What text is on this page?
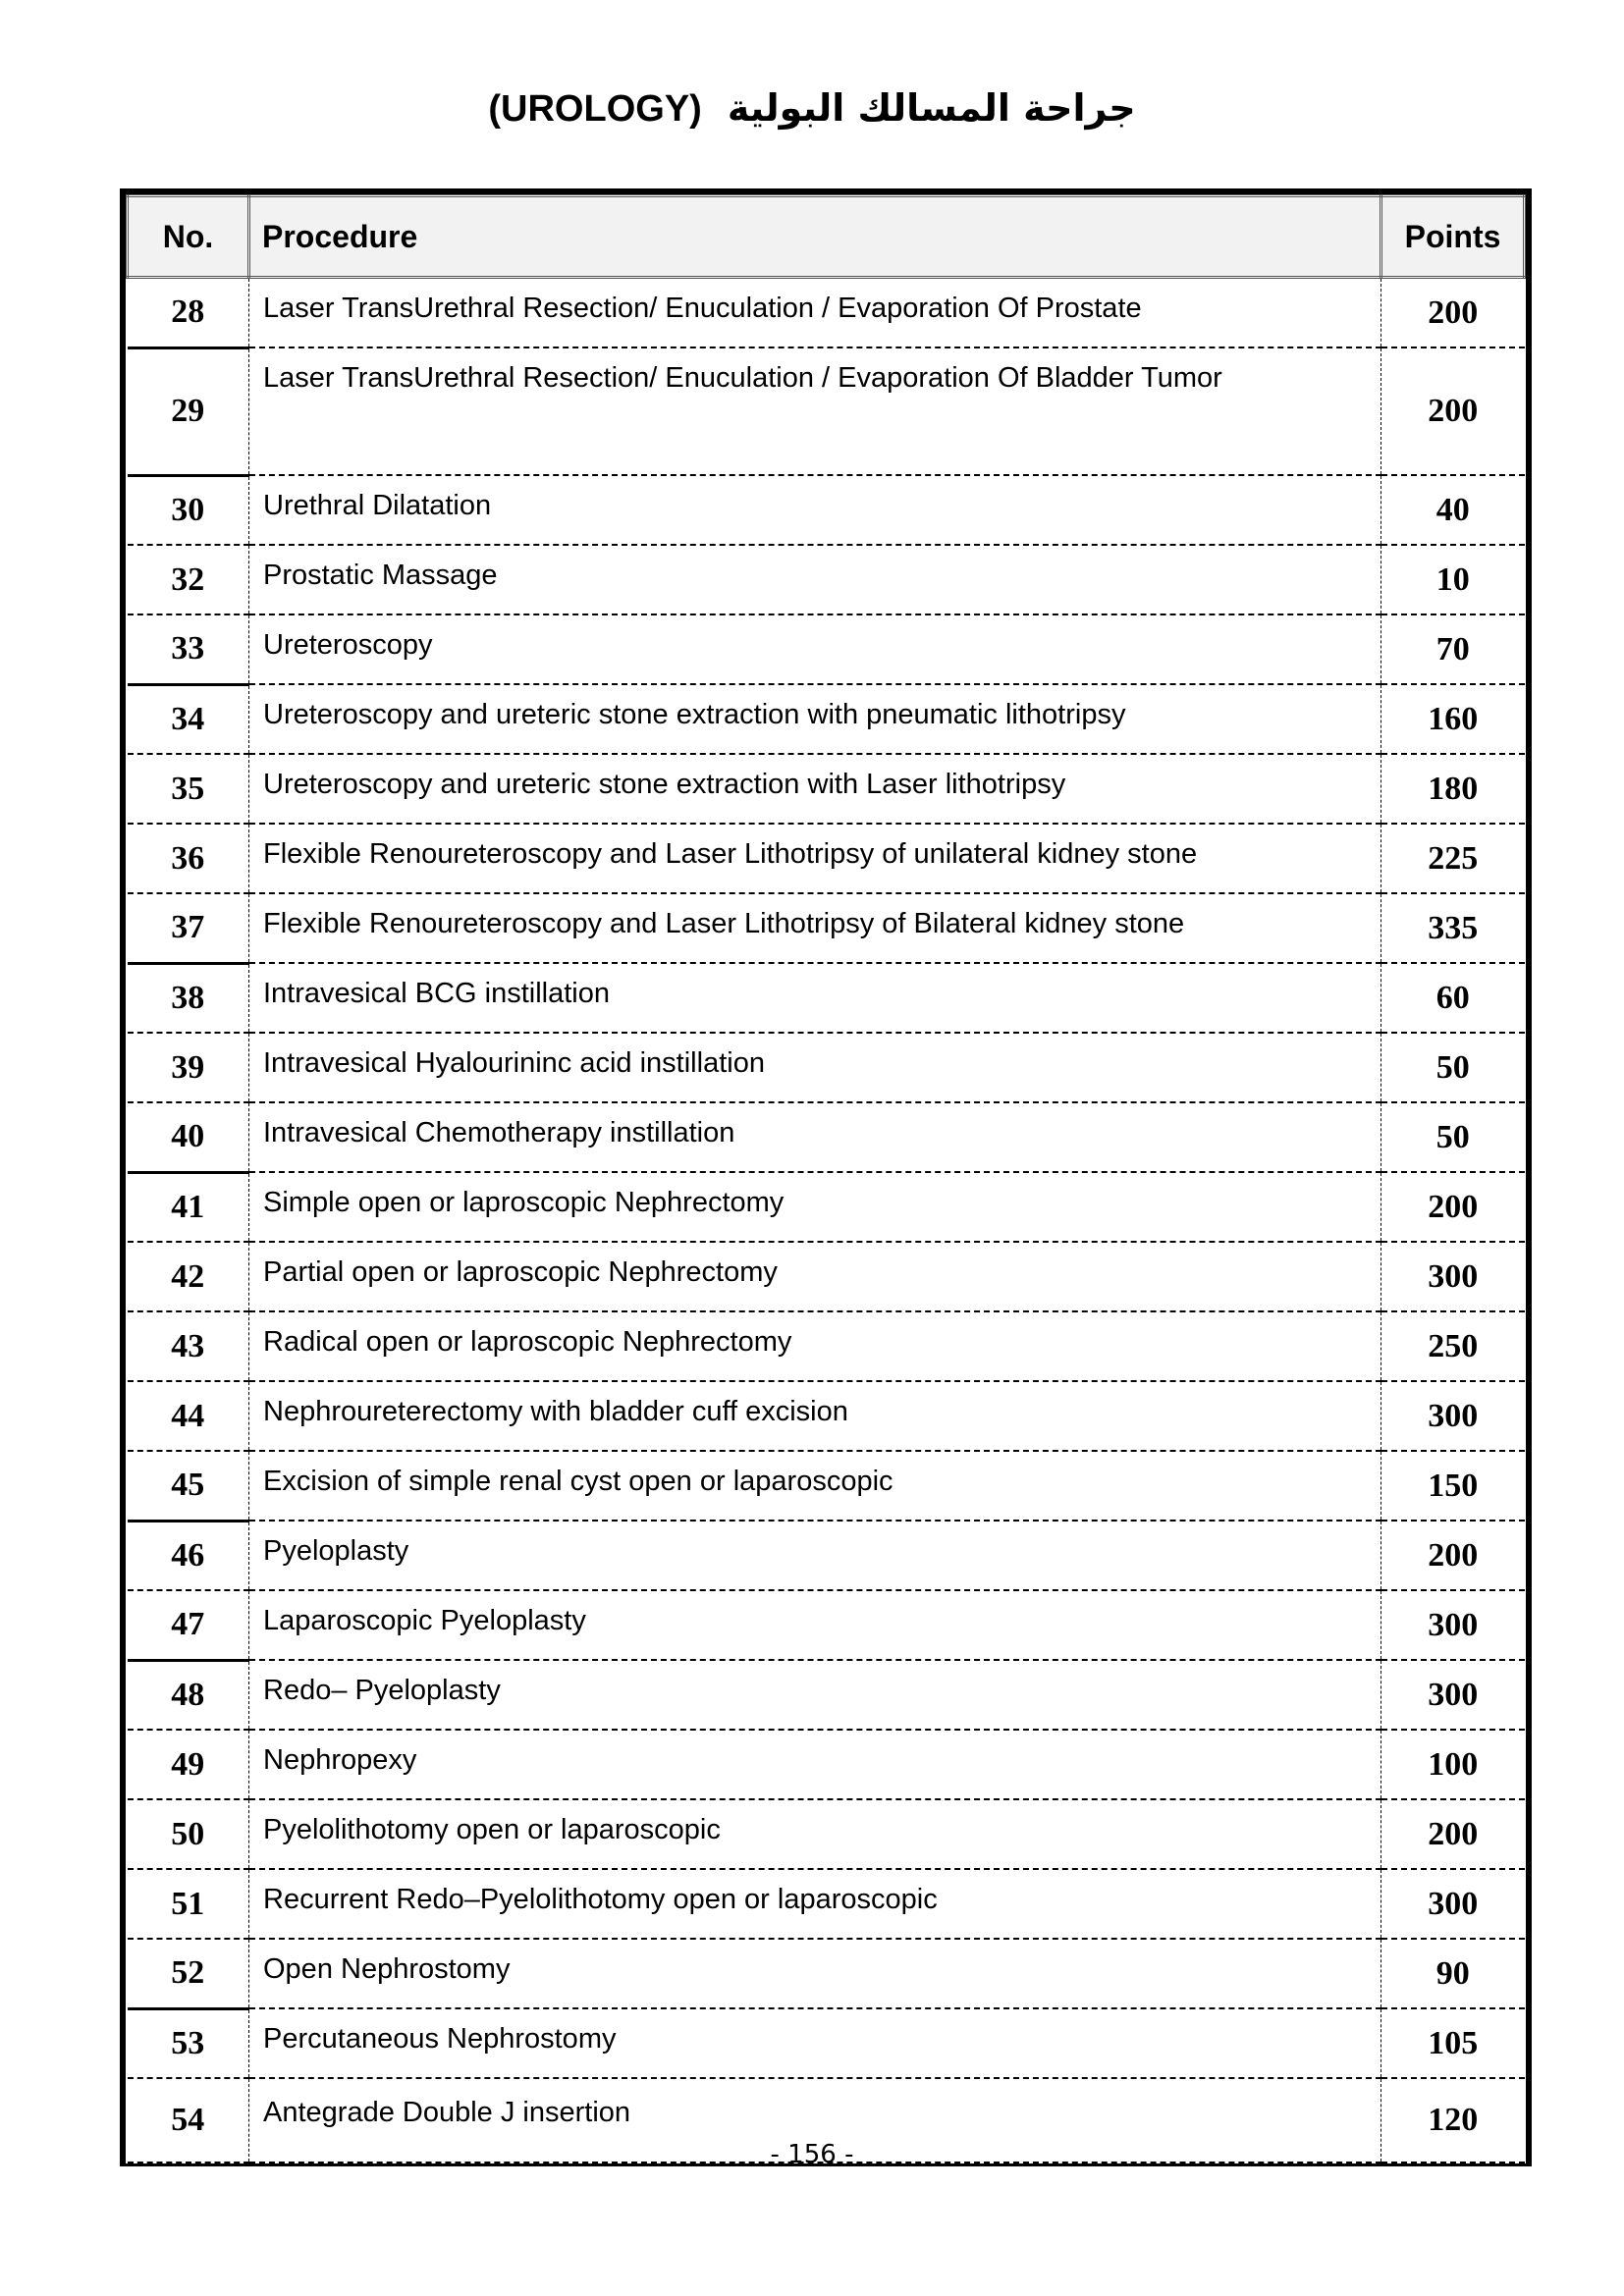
(UROLOGY) جراحة المسالك البولية
No.	Procedure	Points
28	Laser TransUrethral Resection/ Enuculation / Evaporation Of Prostate	200
29	Laser TransUrethral Resection/ Enuculation / Evaporation Of Bladder Tumor	200
30	Urethral Dilatation	40
32	Prostatic Massage	10
33	Ureteroscopy	70
34	Ureteroscopy and ureteric stone extraction with pneumatic lithotripsy	160
35	Ureteroscopy and ureteric stone extraction with Laser lithotripsy	180
36	Flexible Renoureteroscopy and Laser Lithotripsy of unilateral kidney stone	225
37	Flexible Renoureteroscopy and Laser Lithotripsy of Bilateral kidney stone	335
38	Intravesical BCG instillation	60
39	Intravesical Hyalourininc acid instillation	50
40	Intravesical Chemotherapy instillation	50
41	Simple open or laproscopic Nephrectomy	200
42	Partial open or laproscopic Nephrectomy	300
43	Radical open or laproscopic Nephrectomy	250
44	Nephroureterectomy with bladder cuff excision	300
45	Excision of simple renal cyst open or laparoscopic	150
46	Pyeloplasty	200
47	Laparoscopic Pyeloplasty	300
48	Redo– Pyeloplasty	300
49	Nephropexy	100
50	Pyelolithotomy open or laparoscopic	200
51	Recurrent Redo–Pyelolithotomy open or laparoscopic	300
52	Open Nephrostomy	90
53	Percutaneous Nephrostomy	105
54	Antegrade Double J insertion	120
- 156 -
